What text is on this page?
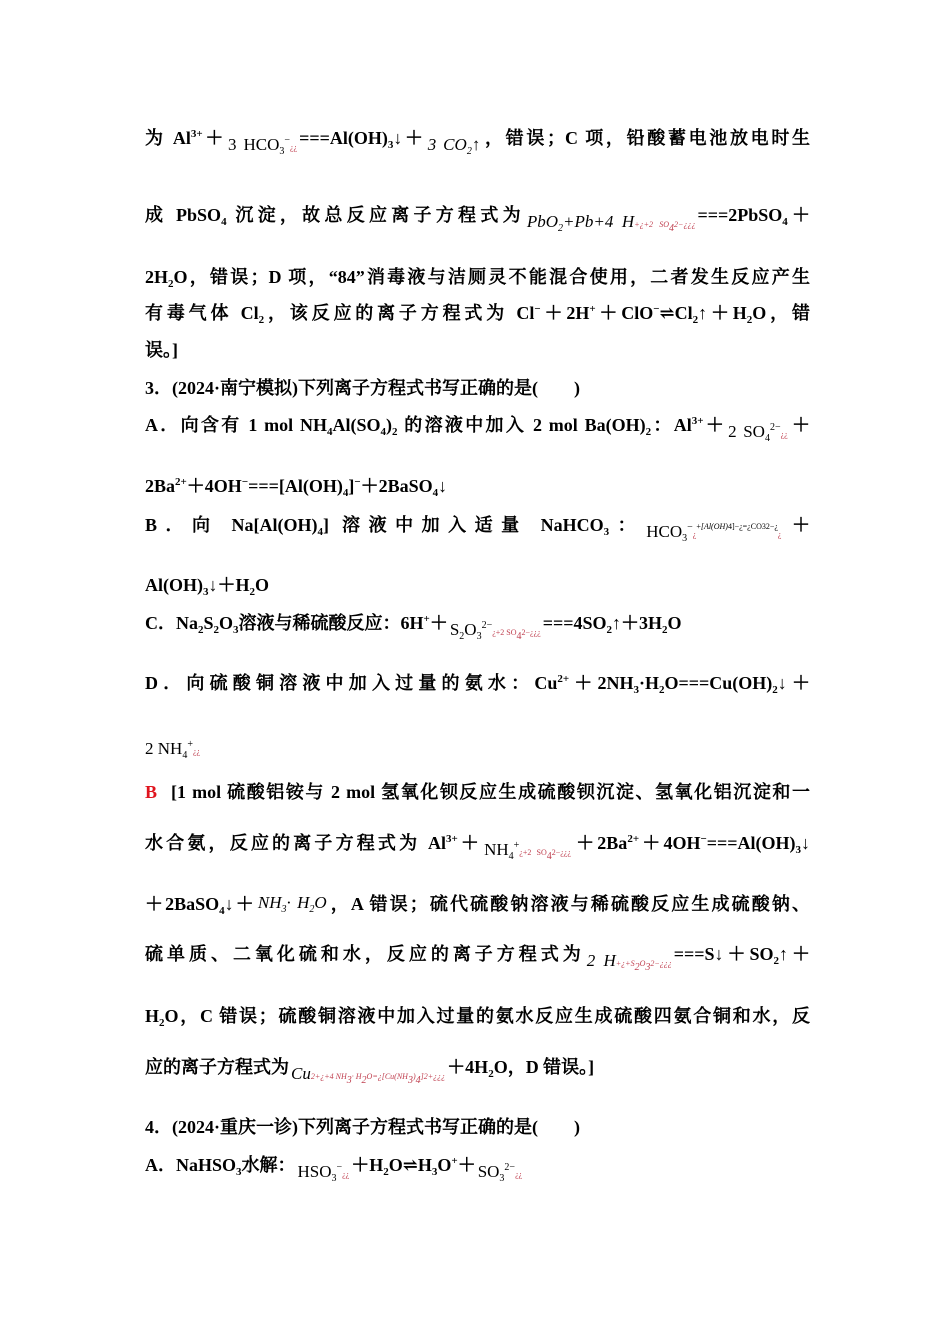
为 $Al^{3+}+ 3$ $HCO_3^-¿¿$ $===Al(OH)_3↓+ 3$ $CO_2↑$ ，错误；C 项，铅酸蓄电池放电时生
成 PbSO$_4$ 沉淀，故总反应离子方程式为 PbO$_2$+Pb+4 H+¿+2 $SO_42-¿¿¿$ ===2PbSO$_4$＋
$2H_2O$，错误；D 项，“84”消毒液与洁厕灵不能混合使用，二者发生反应产生
有毒气体 $Cl_2$，该反应的离子方程式为 $Cl^-+2H^++ClO^-\rightleftharpoons Cl_2↑+H_2O$，错
误。]
3．(2024·南宁模拟)下列离子方程式书写正确的是(　　)
A．向含有 1 mol $NH_4Al(SO_4)_2$ 的溶液中加入 2 mol $Ba(OH)_2$：$Al^{3+}+ 2$ $SO_4^{2-}¿¿$ ＋
$2Ba^{2+}+4OH^-===[Al(OH)_4]^-+2BaSO_4↓$
B．向 $Na[Al(OH)_4]$ 溶液中加入适量 NaHCO$_3$： $HCO_3^-¿^{+[Al(OH)4]-¿=¿CO32-¿}¿$ ＋
$Al(OH)_3↓+H_2O$
C．$Na_2S_2O_3$溶液与稀硫酸反应：$6H^++ S_2O_3^{2-}¿+2$ $SO_42-¿¿¿$ $===4SO_2↑+3H_2O$
D．向硫酸铜溶液中加入过量的氨水：$Cu^{2+}+2NH_3\cdot H_2O===Cu(OH)_2↓+$
2 $NH_4^+¿¿$
B [1 mol 硫酸铝铵与 2 mol 氢氧化钡反应生成硫酸钡沉淀、氢氧化铝沉淀和一
水合氨，反应的离子方程式为 $Al^{3+}+$ $NH_4^+¿+2$ $SO_42-¿¿¿$ $+2Ba^{2+}+4OH^-===Al(OH)_3↓$
＋2BaSO$_4$↓＋ $NH_3\cdot H_2O$ ，A 错误；硫代硫酸钠溶液与稀硫酸反应生成硫酸钠、
硫单质、二氧化硫和水，反应的离子方程式为 2 $H+¿+S_2O_32-¿¿¿$ $===S↓+SO_2↑+$
$H_2O$，C 错误；硫酸铜溶液中加入过量的氨水反应生成硫酸四氨合铜和水，反
应的离子方程式为 Cu2+¿+4 $NH_3\cdot$ $H_2O=¿[Cu(NH_3)_4]2+¿¿¿ +4H_2O$，D 错误。]
4．(2024·重庆一诊)下列离子方程式书写正确的是(　　)
A．NaHSO$_3$水解： $HSO_3^-¿¿$ $+H_2O\rightleftharpoons H_3O^++$ $SO_3^{2-}¿¿$
